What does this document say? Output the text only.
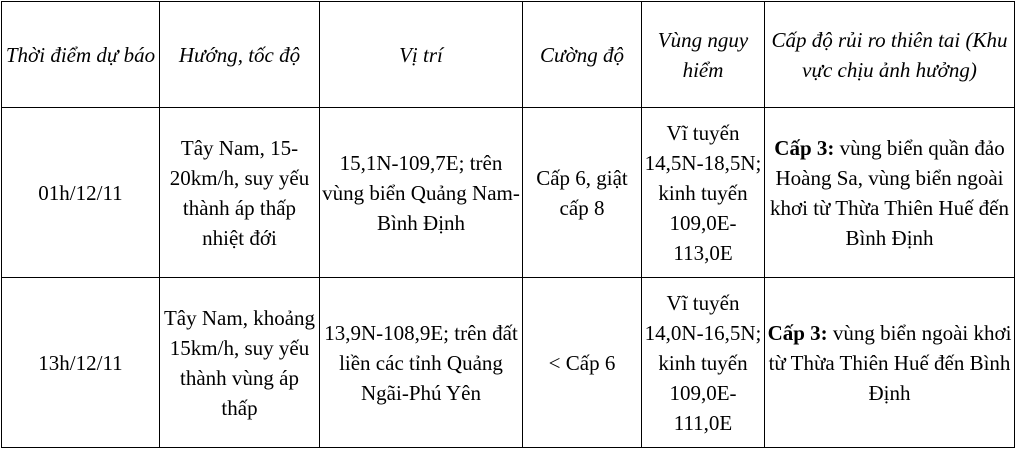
Thời điểm dự báo	Hướng, tốc độ	Vị trí	Cường độ	Vùng nguy hiểm	Cấp độ rủi ro thiên tai (Khu vực chịu ảnh hưởng)
01h/12/11	Tây Nam, 15-20km/h, suy yếu thành áp thấp nhiệt đới	15,1N-109,7E; trên vùng biển Quảng Nam-Bình Định	Cấp 6, giật cấp 8	Vĩ tuyến 14,5N-18,5N; kinh tuyến 109,0E-113,0E	Cấp 3: vùng biển quần đảo Hoàng Sa, vùng biển ngoài khơi từ Thừa Thiên Huế đến Bình Định
13h/12/11	Tây Nam, khoảng 15km/h, suy yếu thành vùng áp thấp	13,9N-108,9E; trên đất liền các tỉnh Quảng Ngãi-Phú Yên	< Cấp 6	Vĩ tuyến 14,0N-16,5N; kinh tuyến 109,0E-111,0E	Cấp 3: vùng biển ngoài khơi từ Thừa Thiên Huế đến Bình Định
